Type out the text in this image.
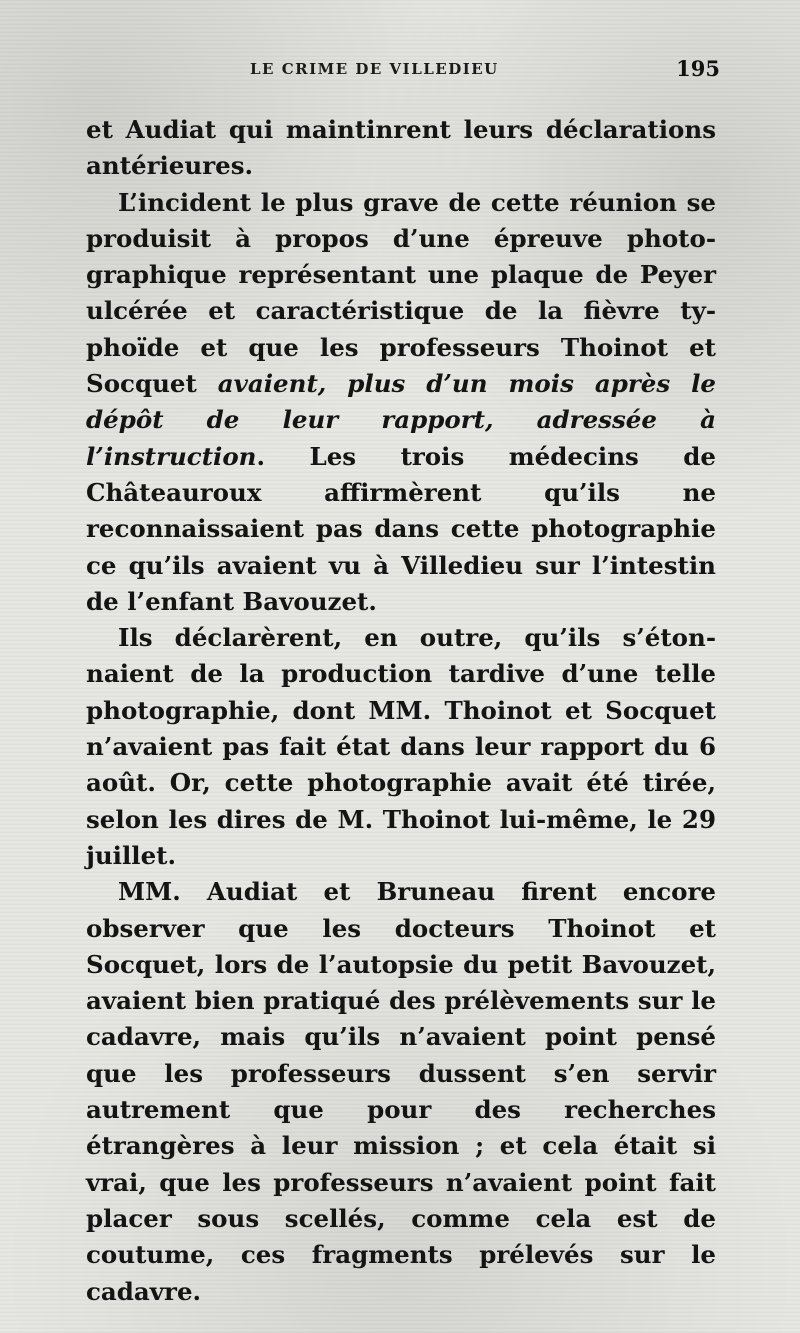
LE CRIME DE VILLEDIEU	195

et Audiat qui maintinrent leurs déclarations antérieures.

L’incident le plus grave de cette réunion se produisit à propos d’une épreuve photographique représentant une plaque de Peyer ulcérée et caractéristique de la fièvre typhoïde et que les professeurs Thoinot et Socquet avaient, plus d’un mois après le dépôt de leur rapport, adressée à l’instruction. Les trois médecins de Châteauroux affirmèrent qu’ils ne reconnaissaient pas dans cette photographie ce qu’ils avaient vu à Villedieu sur l’intestin de l’enfant Bavouzet.

Ils déclarèrent, en outre, qu’ils s’étonnaient de la production tardive d’une telle photographie, dont MM. Thoinot et Socquet n’avaient pas fait état dans leur rapport du 6 août. Or, cette photographie avait été tirée, selon les dires de M. Thoinot lui-même, le 29 juillet.

MM. Audiat et Bruneau firent encore observer que les docteurs Thoinot et Socquet, lors de l’autopsie du petit Bavouzet, avaient bien pratiqué des prélèvements sur le cadavre, mais qu’ils n’avaient point pensé que les professeurs dussent s’en servir autrement que pour des recherches étrangères à leur mission ; et cela était si vrai, que les professeurs n’avaient point fait placer sous scellés, comme cela est de coutume, ces fragments prélevés sur le cadavre.
